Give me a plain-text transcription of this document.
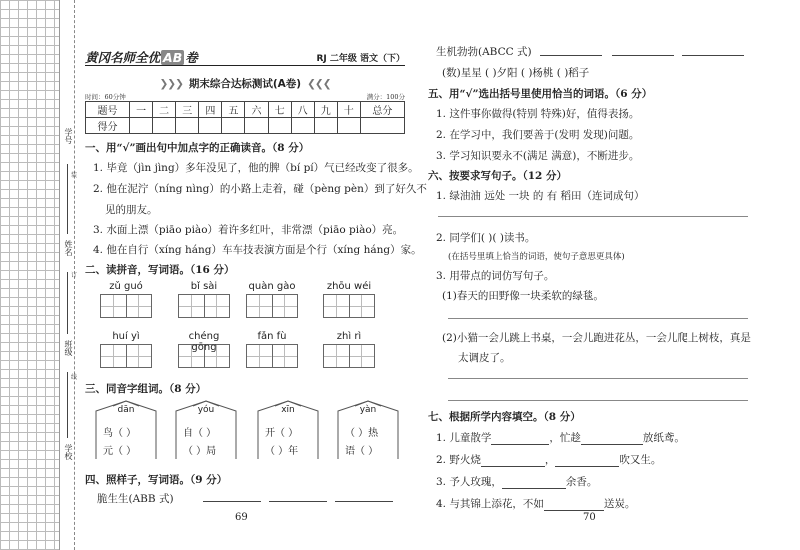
学号
姓名
班级
学校
装
订
线
黄冈名师全优 AB 卷	RJ 二年级 语文（下）
❯❯❯ 期末综合达标测试(A卷) ❮❮❮
时间：60分钟	满分：100分
题号	一	二	三	四	五	六	七	八	九	十	总分
得分											
一、用“√”画出句中加点字的正确读音。（8 分）
1. 毕竟（jìn jìng）多年没见了，他的脾（bí pí）气已经改变了很多。
2. 他在泥泞（níng nìng）的小路上走着，碰（pèng pèn）到了好久不
见的朋友。
3. 水面上漂（piāo piào）着许多红叶，非常漂（piāo piào）亮。
4. 他在自行（xíng háng）车车技表演方面是个行（xíng háng）家。
二、读拼音，写词语。（16 分）
zǔ guó	bǐ sài	quàn gào	zhōu wéi
huí yì	chéng	fǎn fù	zhì rì
三、同音字组词。（8 分）
dān
鸟（ ）
元（ ）
yóu
自（ ）
（ ）局
xīn
开（ ）
（ ）年
yàn
（ ）热
语（ ）
四、照样子，写词语。（9 分）
脆生生(ABB 式)
69
生机勃勃(ABCC 式)
(数)星星 ( )夕阳 ( )杨桃 ( )稻子
五、用“√”选出括号里使用恰当的词语。（6 分）
1. 这件事你做得(特别 特殊)好，值得表扬。
2. 在学习中，我们要善于(发明 发现)问题。
3. 学习知识要永不(满足 满意)，不断进步。
六、按要求写句子。（12 分）
1. 绿油油 远处 一块 的 有 稻田（连词成句）
2. 同学们( )( )读书。
(在括号里填上恰当的词语，使句子意思更具体)
3. 用带点的词仿写句子。
(1)春天的田野像一块柔软的绿毯。
(2)小猫一会儿跳上书桌，一会儿跑进花丛，一会儿爬上树枝，真是
太调皮了。
七、根据所学内容填空。（8 分）
1. 儿童散学	，忙趁	放纸鸢。
2. 野火烧	，	吹又生。
3. 予人玫瑰，	余香。
4. 与其锦上添花，不如	送炭。
70
